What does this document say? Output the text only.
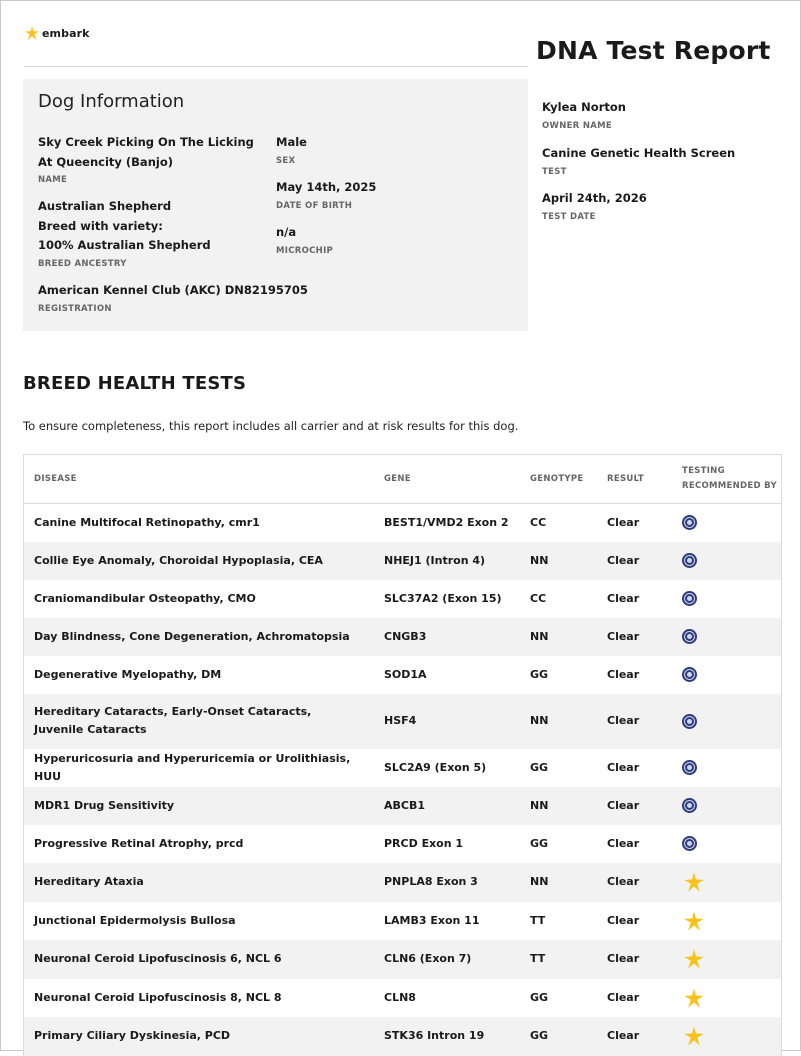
embark
DNA Test Report
Dog Information
Sky Creek Picking On The Licking At Queencity (Banjo)
NAME
Australian Shepherd
Breed with variety:
100% Australian Shepherd
BREED ANCESTRY
American Kennel Club (AKC) DN82195705
REGISTRATION
Male
SEX
May 14th, 2025
DATE OF BIRTH
n/a
MICROCHIP
Kylea Norton
OWNER NAME
Canine Genetic Health Screen
TEST
April 24th, 2026
TEST DATE
BREED HEALTH TESTS

To ensure completeness, this report includes all carrier and at risk results for this dog.

DISEASE	GENE	GENOTYPE	RESULT	TESTING
RECOMMENDED BY

Canine Multifocal Retinopathy, cmr1	BEST1/VMD2 Exon 2	CC	Clear	
Collie Eye Anomaly, Choroidal Hypoplasia, CEA	NHEJ1 (Intron 4)	NN	Clear	
Craniomandibular Osteopathy, CMO	SLC37A2 (Exon 15)	CC	Clear	
Day Blindness, Cone Degeneration, Achromatopsia	CNGB3	NN	Clear	
Degenerative Myelopathy, DM	SOD1A	GG	Clear	
Hereditary Cataracts, Early-Onset Cataracts, Juvenile Cataracts	HSF4	NN	Clear	
Hyperuricosuria and Hyperuricemia or Urolithiasis, HUU	SLC2A9 (Exon 5)	GG	Clear	
MDR1 Drug Sensitivity	ABCB1	NN	Clear	
Progressive Retinal Atrophy, prcd	PRCD Exon 1	GG	Clear	
Hereditary Ataxia	PNPLA8 Exon 3	NN	Clear	
Junctional Epidermolysis Bullosa	LAMB3 Exon 11	TT	Clear	
Neuronal Ceroid Lipofuscinosis 6, NCL 6	CLN6 (Exon 7)	TT	Clear	
Neuronal Ceroid Lipofuscinosis 8, NCL 8	CLN8	GG	Clear	
Primary Ciliary Dyskinesia, PCD	STK36 Intron 19	GG	Clear	
